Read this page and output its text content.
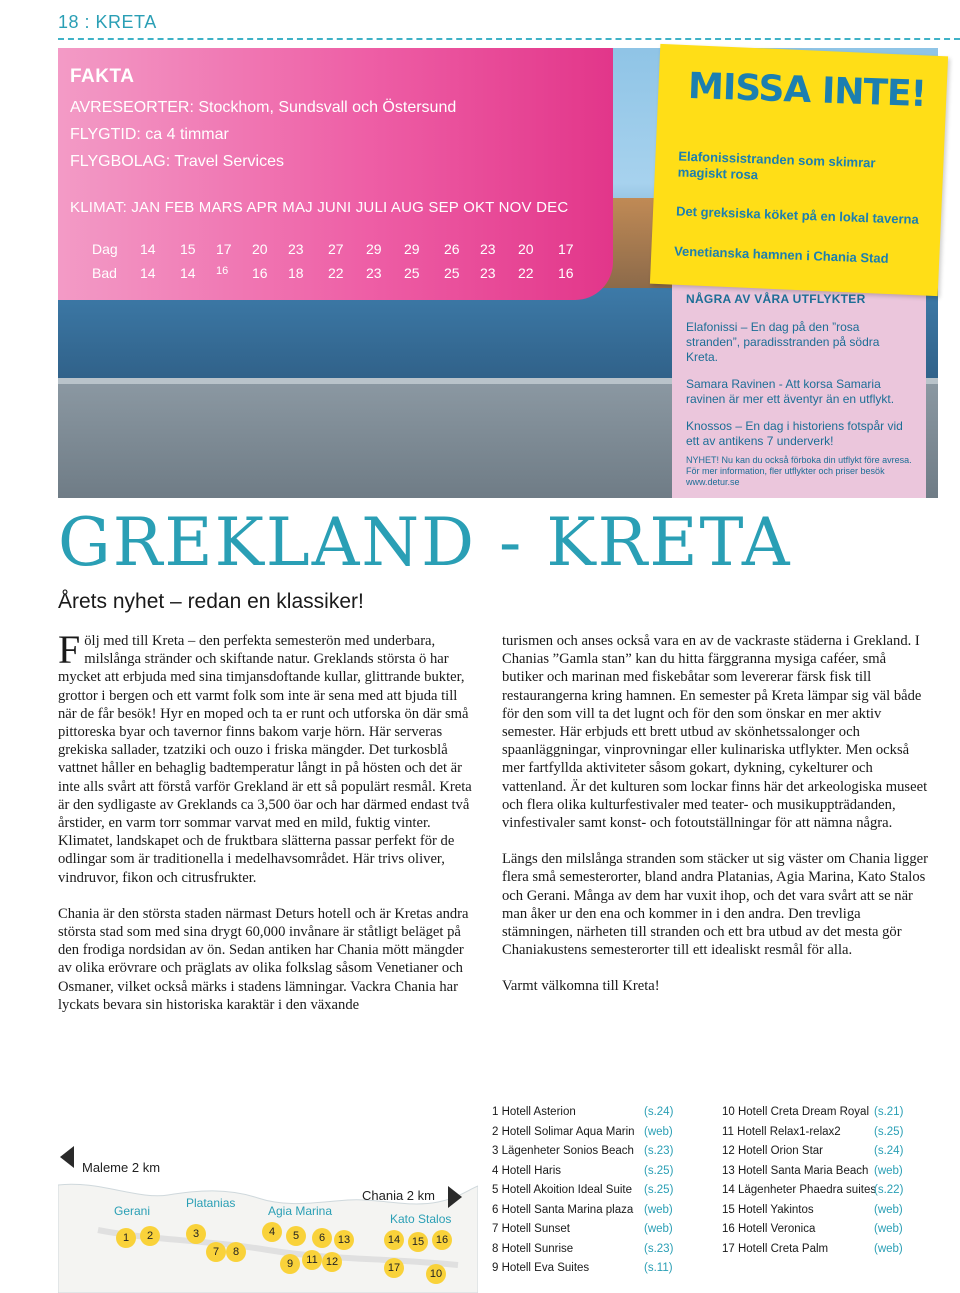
18 : KRETA
FAKTA
AVRESEORTER: Stockhom, Sundsvall och Östersund
FLYGTID: ca 4 timmar
FLYGBOLAG: Travel Services
KLIMAT: JAN FEB MARS APR MAJ JUNI JULI AUG SEP OKT NOV DEC
Dag 14 15 17 20 23 27 29 29 26 23 20 17
Bad 14 14 16 16 18 22 23 25 25 23 22 16
NÅGRA AV VÅRA UTFLYKTER
Elafonissi – En dag på den ”rosa stranden”, paradisstranden på södra Kreta.
Samara Ravinen - Att korsa Samaria ravinen är mer ett äventyr än en utflykt.
Knossos – En dag i historiens fotspår vid ett av antikens 7 underverk!
NYHET! Nu kan du också förboka din utflykt före avresa. För mer information, fler utflykter och priser besök www.detur.se
MISSA INTE!
Elafonissistranden som skimrar magiskt rosa
Det greksiska köket på en lokal taverna
Venetianska hamnen i Chania Stad
GREKLAND - KRETA
Årets nyhet – redan en klassiker!

Följ med till Kreta – den perfekta semesterön med underbara, milslånga stränder och skiftande natur. Greklands största ö har mycket att erbjuda med sina timjansdoftande kullar, glittrande bukter, grottor i bergen och ett varmt folk som inte är sena med att bjuda till när de får besök! Hyr en moped och ta er runt och utforska ön där små pittoreska byar och tavernor finns bakom varje hörn. Här serveras grekiska sallader, tzatziki och ouzo i friska mängder. Det turkosblå vattnet håller en behaglig badtemperatur långt in på hösten och det är inte alls svårt att förstå varför Grekland är ett så populärt resmål. Kreta är den sydligaste av Greklands ca 3,500 öar och har därmed endast två årstider, en varm torr sommar varvat med en mild, fuktig vinter. Klimatet, landskapet och de fruktbara slätterna passar perfekt för de odlingar som är traditionella i medelhavsområdet. Här trivs oliver, vindruvor, fikon och citrusfrukter.

Chania är den största staden närmast Deturs hotell och är Kretas andra största stad som med sina drygt 60,000 invånare är ståtligt beläget på den frodiga nordsidan av ön. Sedan antiken har Chania mött mängder av olika erövrare och präglats av olika folkslag såsom Venetianer och Osmaner, vilket också märks i stadens lämningar. Vackra Chania har lyckats bevara sin historiska karaktär i den växande

turismen och anses också vara en av de vackraste städerna i Grekland. I Chanias ”Gamla stan” kan du hitta färggranna mysiga caféer, små butiker och marinan med fiskebåtar som levererar färsk fisk till restaurangerna kring hamnen. En semester på Kreta lämpar sig väl både för den som vill ta det lugnt och för den som önskar en mer aktiv semester. Här erbjuds ett brett utbud av skönhetssalonger och spaanläggningar, vinprovningar eller kulinariska utflykter. Men också mer fartfyllda aktiviteter såsom gokart, dykning, cykelturer och vattenland. Är det kulturen som lockar finns här det arkeologiska museet och flera olika kulturfestivaler med teater- och musikuppträdanden, vinfestivaler samt konst- och fotoutställningar för att nämna några.

Längs den milslånga stranden som stäcker ut sig väster om Chania ligger flera små semesterorter, bland andra Platanias, Agia Marina, Kato Stalos och Gerani. Många av dem har vuxit ihop, och det vara svårt att se när man åker ur den ena och kommer in i den andra. Den trevliga stämningen, närheten till stranden och ett bra utbud av det mesta gör Chaniakustens semesterorter till ett idealiskt resmål för alla.

Varmt välkomna till Kreta!

Maleme 2 km
Chania 2 km
Gerani
Platanias
Agia Marina
Kato Stalos
1	2	3
7	8
4	5	6
9	11 12
13	14	15	16
17	10
1 Hotell Asterion	(s.24)
2 Hotell Solimar Aqua Marin (web)
3 Lägenheter Sonios Beach (s.23)
4 Hotell Haris	(s.25)
5 Hotell Akoition Ideal Suite (s.25)
6 Hotell Santa Marina plaza (web)
7 Hotell Sunset	(web)
8 Hotell Sunrise	(s.23)
9 Hotell Eva Suites	(s.11)
10 Hotell Creta Dream Royal (s.21)
11 Hotell Relax1-relax2	(s.25)
12 Hotell Orion Star	(s.24)
13 Hotell Santa Maria Beach (web)
14 Lägenheter Phaedra suites
(s.22)
15 Hotell Yakintos	(web)
16 Hotell Veronica	(web)
17 Hotell Creta Palm	(web)
